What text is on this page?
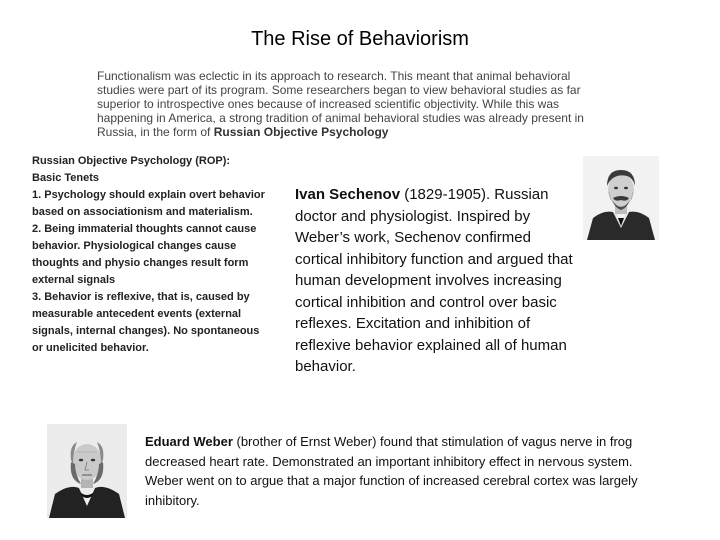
The Rise of Behaviorism
Functionalism was eclectic in its approach to research. This meant that animal behavioral studies were part of its program. Some researchers began to view behavioral studies as far superior to introspective ones because of increased scientific objectivity. While this was happening in America, a strong tradition of animal behavioral studies was already present in Russia, in the form of Russian Objective Psychology
Russian Objective Psychology (ROP):
Basic Tenets
1. Psychology should explain overt behavior based on associationism and materialism.
2. Being immaterial thoughts cannot cause behavior. Physiological changes cause thoughts and physio changes result form external signals
3. Behavior is reflexive, that is, caused by measurable antecedent events (external signals, internal changes). No spontaneous or unelicited behavior.
Ivan Sechenov (1829-1905). Russian doctor and physiologist. Inspired by Weber’s work, Sechenov confirmed cortical inhibitory function and argued that human development involves increasing cortical inhibition and control over basic reflexes. Excitation and inhibition of reflexive behavior explained all of human behavior.
Eduard Weber (brother of Ernst Weber) found that stimulation of vagus nerve in frog decreased heart rate. Demonstrated an important inhibitory effect in nervous system. Weber went on to argue that a major function of increased cerebral cortex was largely inhibitory.
